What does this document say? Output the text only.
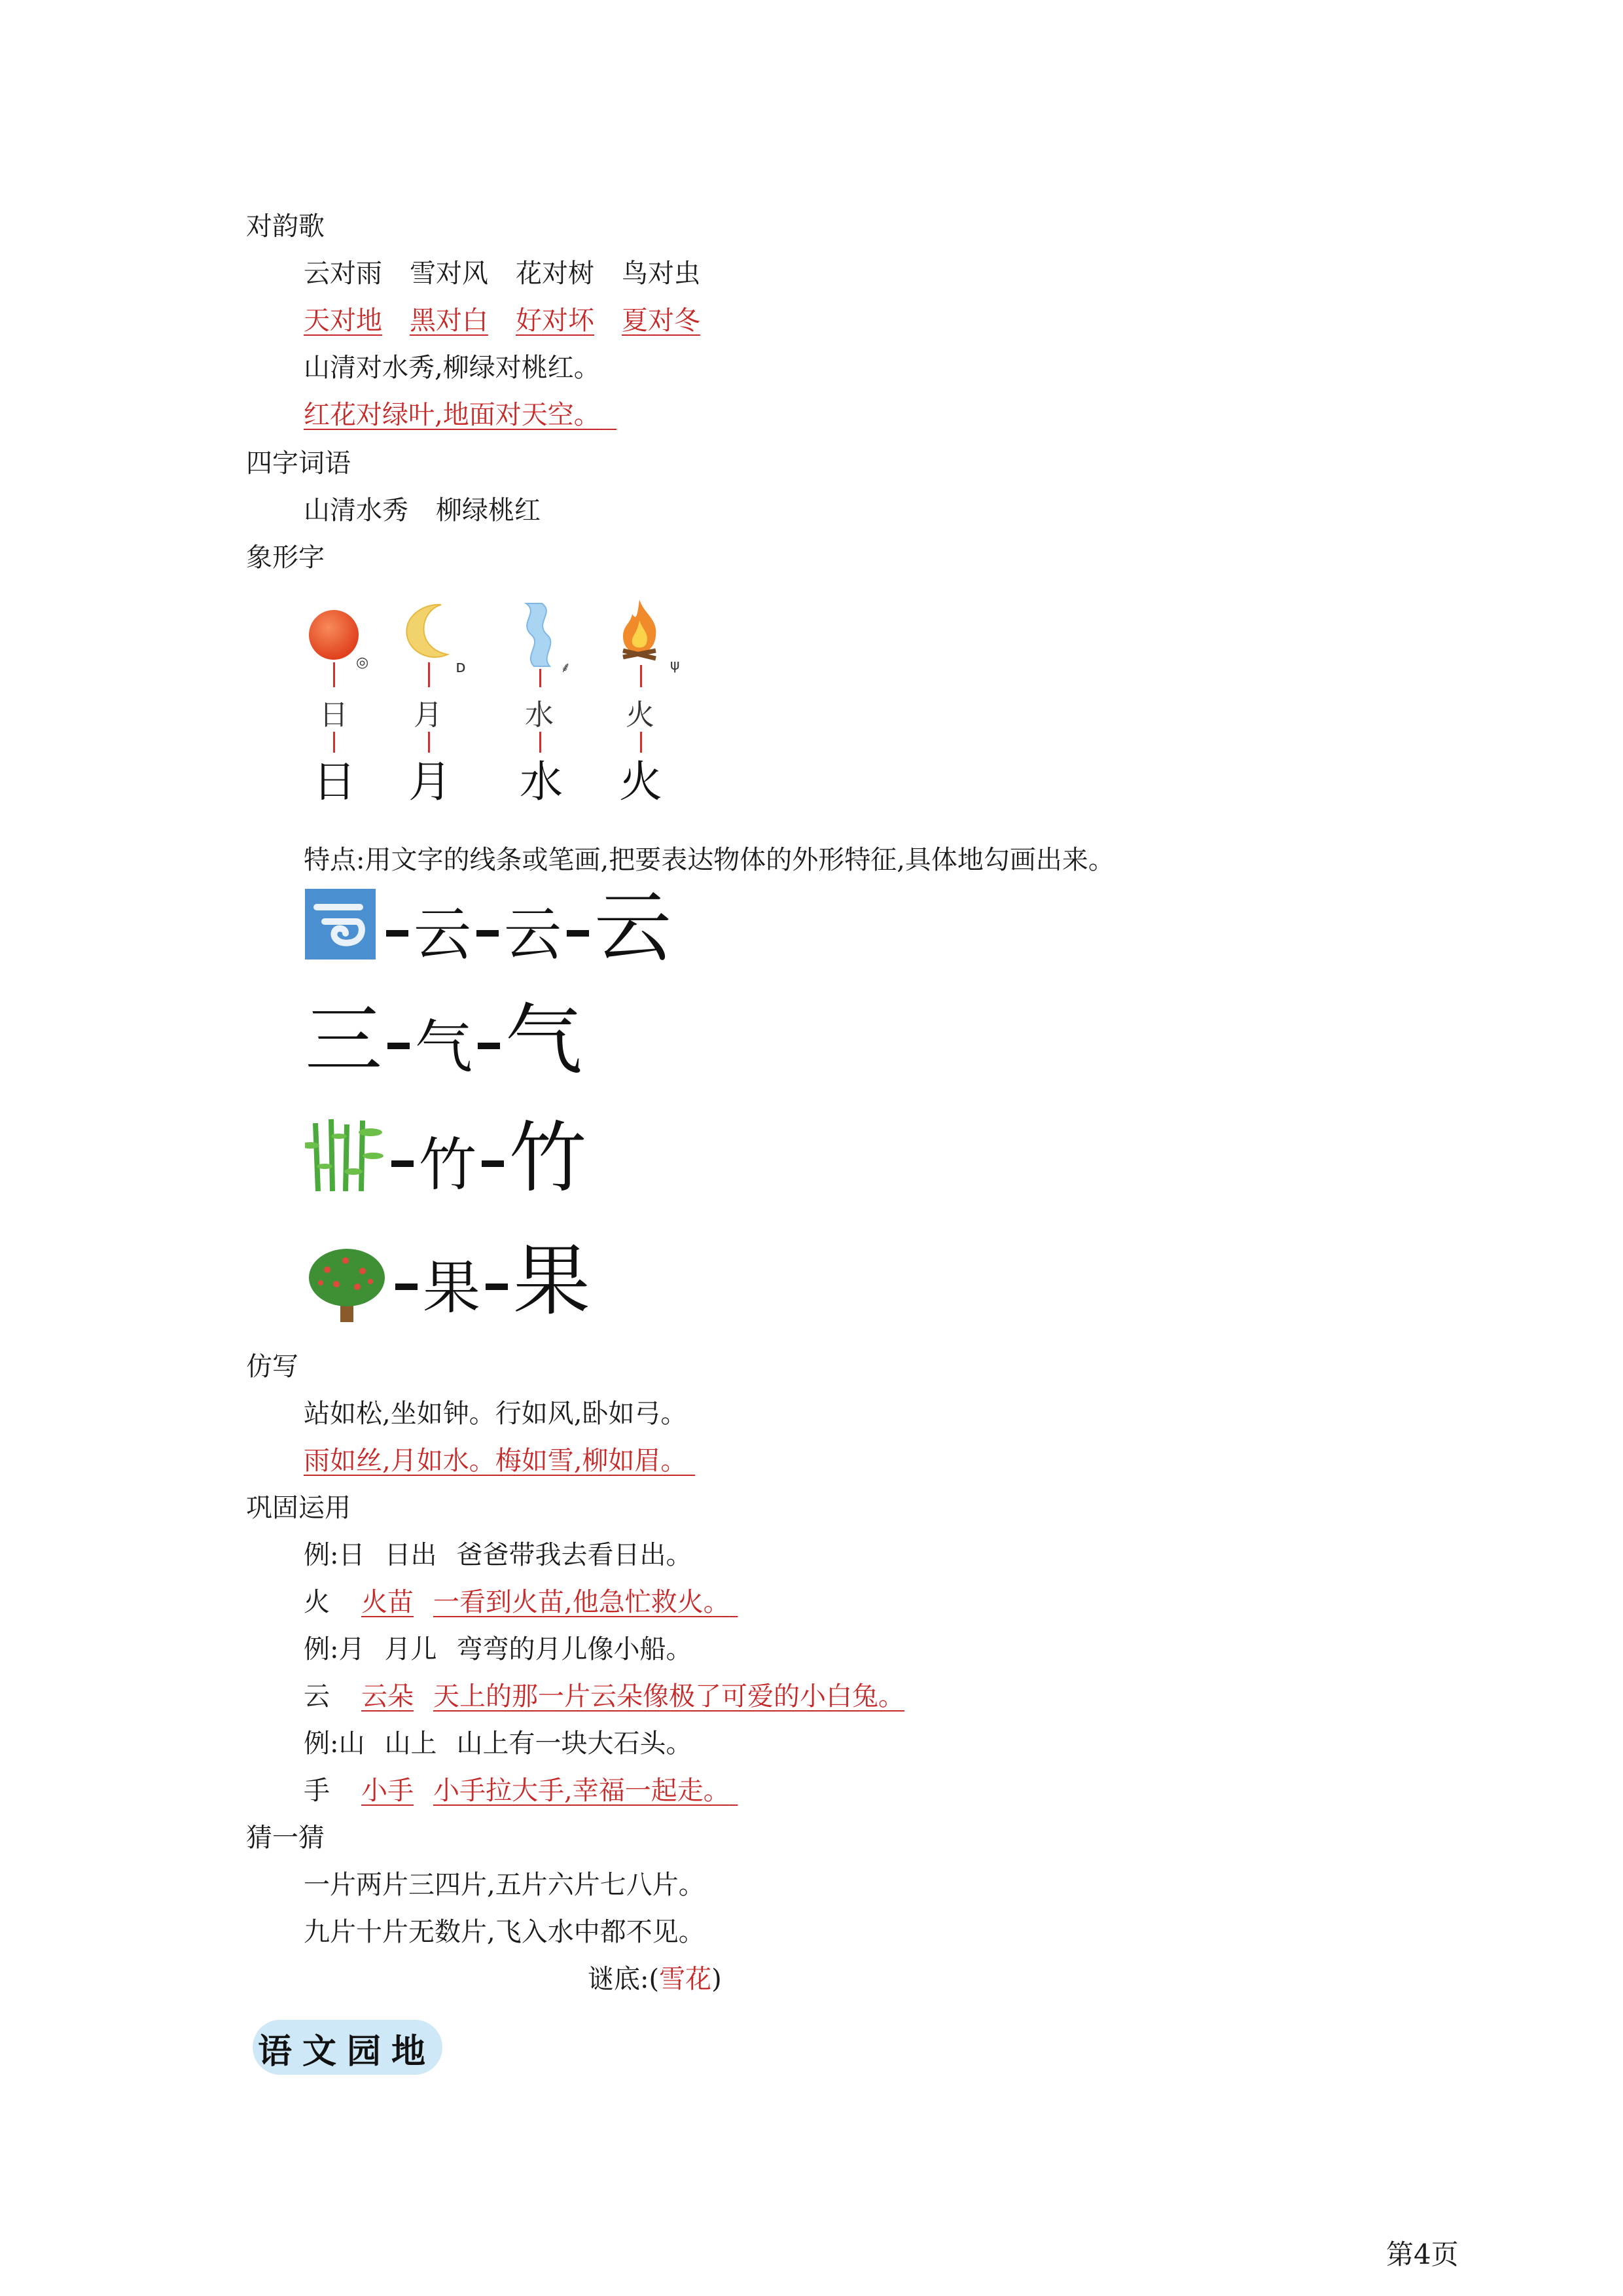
对韵歌
云对雨 雪对风 花对树 鸟对虫
天对地 黑对白 好对坏 夏对冬
山清对水秀,柳绿对桃红。
红花对绿叶,地面对天空。
四字词语
山清水秀 柳绿桃红
象形字
◎	ᴅ	⸙	ψ
日 月	水	火
日 月 水 火
特点:用文字的线条或笔画,把要表达物体的外形特征,具体地勾画出来。
云 云 云
三 气 气
竹 竹
果 果
仿写
站如松,坐如钟。行如风,卧如弓。
雨如丝,月如水。梅如雪,柳如眉。
巩固运用
例:日 日出 爸爸带我去看日出。
火 火苗 一看到火苗,他急忙救火。
例:月 月儿 弯弯的月儿像小船。
云 云朵 天上的那一片云朵像极了可爱的小白兔。
例:山 山上 山上有一块大石头。
手 小手 小手拉大手,幸福一起走。
猜一猜
一片两片三四片,五片六片七八片。
九片十片无数片,飞入水中都不见。
谜底:(雪花)
语文园地
第4页
